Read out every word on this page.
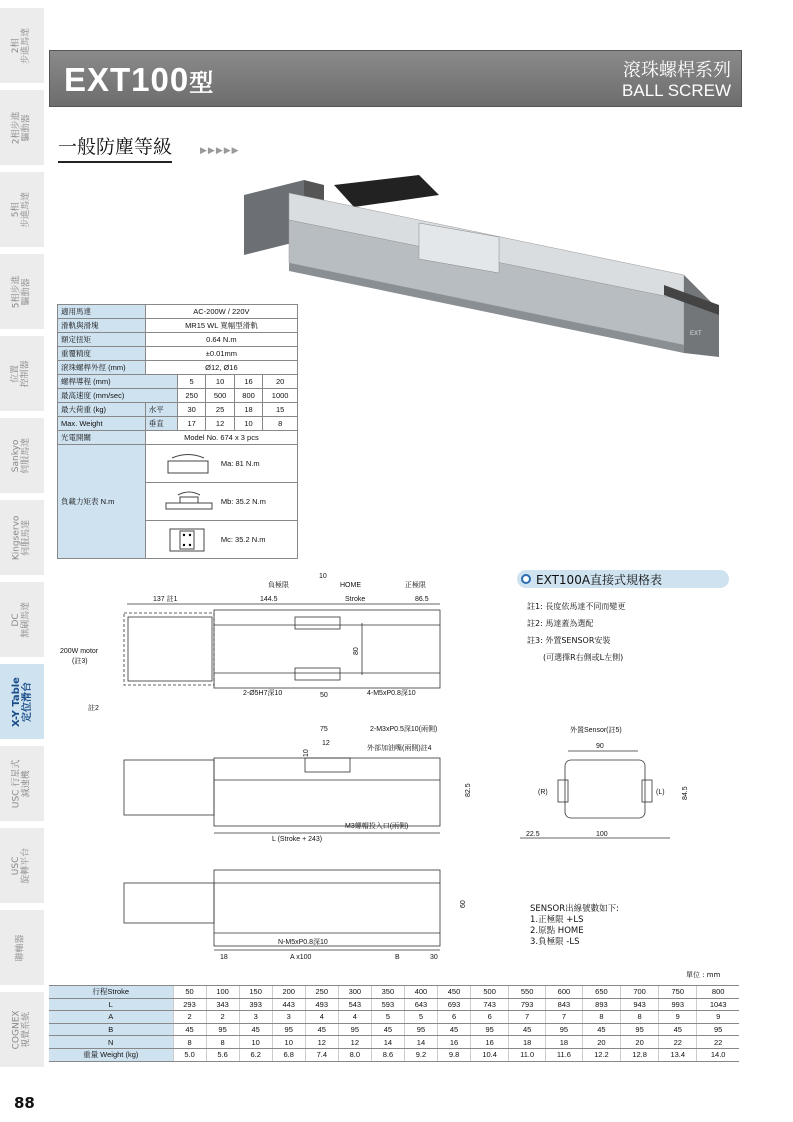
2相
步進馬達
2相步進
驅動器
5相
步進馬達
5相步進
驅動器
位置
控制器
Sankyo
伺服馬達
Kingservo
伺服馬達
DC
無刷馬達
X-Y Table
定位滑台
USC 行星式
減速機
USC
旋轉平台
聯軸器
COGNEX
視覺系統
88
EXT100型	滾珠螺桿系列
BALL SCREW
一般防塵等級	▶▶▶▶▶
EXT
適用馬達	AC-200W / 220V				
滑軌與滑塊	MR15 WL 寬幅型滑軌				
額定扭矩	0.64 N.m				
重覆精度	±0.01mm				
滾珠螺桿外徑 (mm)	Ø12, Ø16				
螺桿導程 (mm)		5	10	16	20
最高速度 (mm/sec)		250	500	800	1000
最大荷重 (kg)	水平	30	25	18	15
Max. Weight	垂直	17	12	10	8
光電開關	Model No. 674 x 3 pcs				
負載力矩表 N.m	Ma: 81 N.m				
	Mb: 35.2 N.m				
	Mc: 35.2 N.m				
負極限
10
HOME	正極限
137 註1	144.5	Stroke	86.5
80
200W motor
(註3)
2-Ø5H7深10	50	4-M5xP0.8深10
註2
75	2-M3xP0.5深10(兩側)
12
10
外部加油嘴(兩側)註4
82.5
M3螺帽投入口(兩側)
L (Stroke + 243)
60
N-M5xP0.8深10
18	A x100	B	30
EXT100A直接式規格表
註1: 長度依馬達不同而變更
註2: 馬達蓋為選配
註3: 外置SENSOR安裝
(可選擇R右側或L左側)
外置Sensor(註5)
90
(R)	(L) 84.5
22.5	100
SENSOR出線號數如下:
1.正極限 +LS
2.原點 HOME
3.負極限 -LS
單位 : mm
行程Stroke	50	100	150	200	250	300	350	400	450	500	550	600	650	700	750	800
L	293	343	393	443	493	543	593	643	693	743	793	843	893	943	993	1043
A	2	2	3	3	4	4	5	5	6	6	7	7	8	8	9	9
B	45	95	45	95	45	95	45	95	45	95	45	95	45	95	45	95
N	8	8	10	10	12	12	14	14	16	16	18	18	20	20	22	22
重量 Weight (kg)	5.0	5.6	6.2	6.8	7.4	8.0	8.6	9.2	9.8	10.4	11.0	11.6	12.2	12.8	13.4	14.0
